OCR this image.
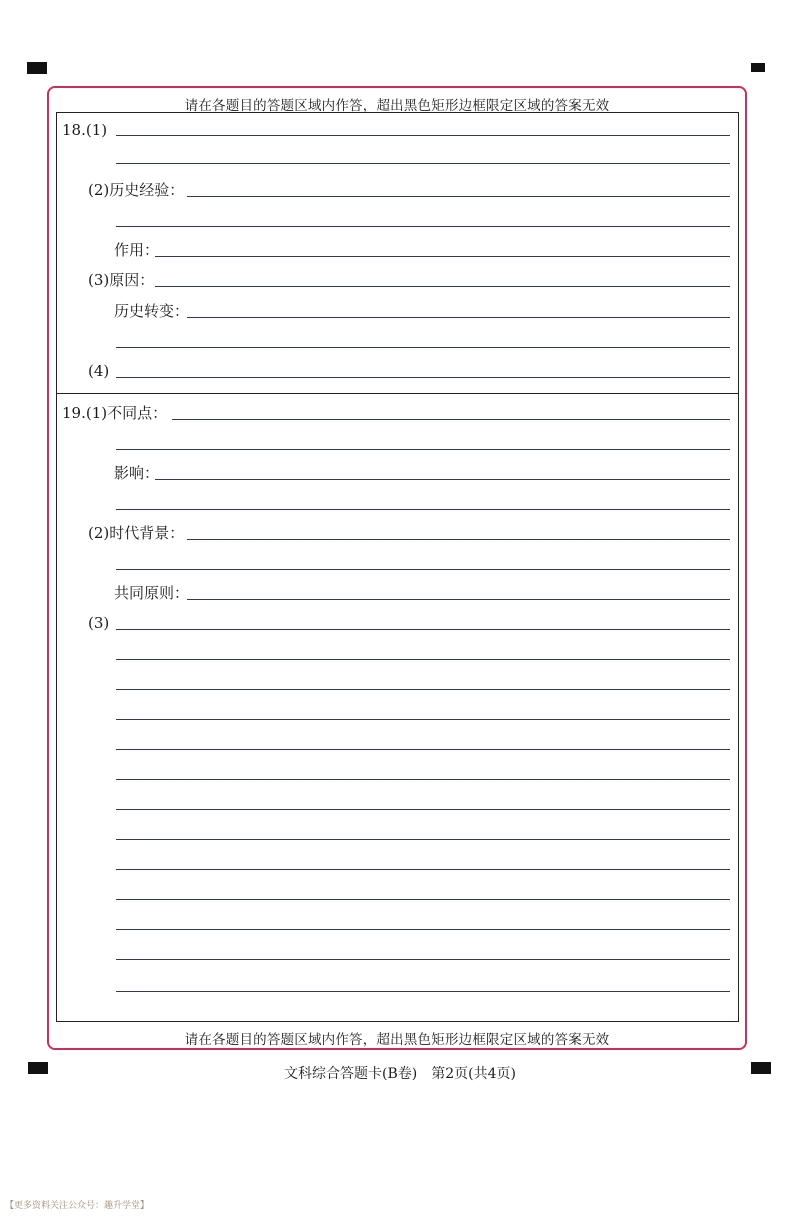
请在各题目的答题区域内作答，超出黑色矩形边框限定区域的答案无效
请在各题目的答题区域内作答，超出黑色矩形边框限定区域的答案无效
18.(1)
(2)历史经验：
作用：
(3)原因：
历史转变：
(4)
19.(1)不同点：
影响：
(2)时代背景：
共同原则：
(3)
文科综合答题卡(B卷)　第2页(共4页)
【更多资料关注公众号：趣升学堂】
